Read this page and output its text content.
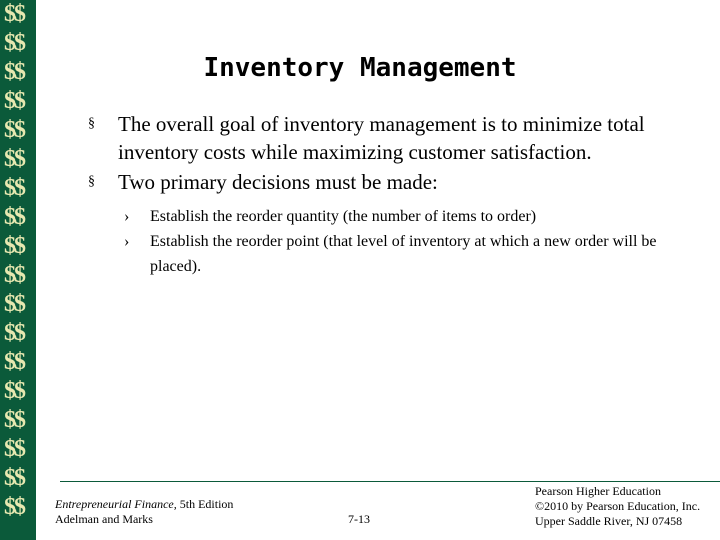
$$
$$
$$
$$
$$
$$
$$
$$
$$
$$
$$
$$
$$
$$
$$
$$
$$
$$
Inventory Management
§ The overall goal of inventory management is to minimize total inventory costs while maximizing customer satisfaction.
§ Two primary decisions must be made:
› Establish the reorder quantity (the number of items to order)
› Establish the reorder point (that level of inventory at which a new order will be placed).
Entrepreneurial Finance, 5th Edition
Adelman and Marks	7-13
Pearson Higher Education
©2010 by Pearson Education, Inc.
Upper Saddle River, NJ 07458
